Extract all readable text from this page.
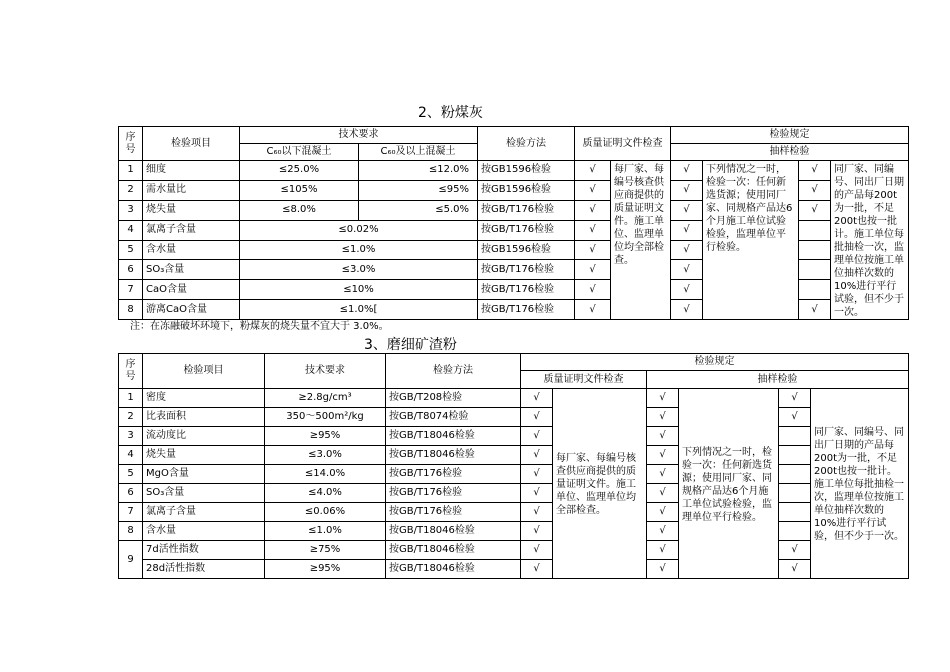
2、粉煤灰
序号	检验项目	技术要求		检验方法	质量证明文件检查		检验规定			
		C₆₀以下混凝土	C₆₀及以上混凝土				抽样检验			
1	细度	≤25.0%	≤12.0%	按GB1596检验	√	每厂家、每编号核查供应商提供的质量证明文件。施工单位、监理单位均全部检查。	√	下列情况之一时，检验一次：任何新选货源；使用同厂家、同规格产品达6个月施工单位试验检验，监理单位平行检验。	√	同厂家、同编号、同出厂日期的产品每200t为一批，不足200t也按一批计。施工单位每批抽检一次，监理单位按施工单位抽样次数的10%进行平行试验，但不少于一次。
2	需水量比	≤105%	≤95%	按GB1596检验	√		√		√	
3	烧失量	≤8.0%	≤5.0%	按GB/T176检验	√		√		√	
4	氯离子含量	≤0.02%		按GB/T176检验	√		√			
5	含水量	≤1.0%		按GB1596检验	√		√			
6	SO₃含量	≤3.0%		按GB/T176检验	√		√			
7	CaO含量	≤10%		按GB/T176检验	√		√			
8	游离CaO含量	≤1.0%[		按GB/T176检验	√		√		√	
注：在冻融破坏环境下，粉煤灰的烧失量不宜大于 3.0%。
3、磨细矿渣粉
序号	检验项目	技术要求	检验方法	检验规定					
				质量证明文件检查		抽样检验			
1	密度	≥2.8g/cm³	按GB/T208检验	√	每厂家、每编号核查供应商提供的质量证明文件。施工单位、监理单位均全部检查。	√	下列情况之一时，检验一次：任何新选货源；使用同厂家、同规格产品达6个月施工单位试验检验，监理单位平行检验。	√	同厂家、同编号、同出厂日期的产品每200t为一批，不足200t也按一批计。施工单位每批抽检一次，监理单位按施工单位抽样次数的10%进行平行试验，但不少于一次。
2	比表面积	350～500m²/kg	按GB/T8074检验	√		√		√	
3	流动度比	≥95%	按GB/T18046检验	√		√			
4	烧失量	≤3.0%	按GB/T18046检验	√		√			
5	MgO含量	≤14.0%	按GB/T176检验	√		√			
6	SO₃含量	≤4.0%	按GB/T176检验	√		√			
7	氯离子含量	≤0.06%	按GB/T176检验	√		√			
8	含水量	≤1.0%	按GB/T18046检验	√		√			
9	7d活性指数	≥75%	按GB/T18046检验	√		√		√	
	28d活性指数	≥95%	按GB/T18046检验	√		√		√	
